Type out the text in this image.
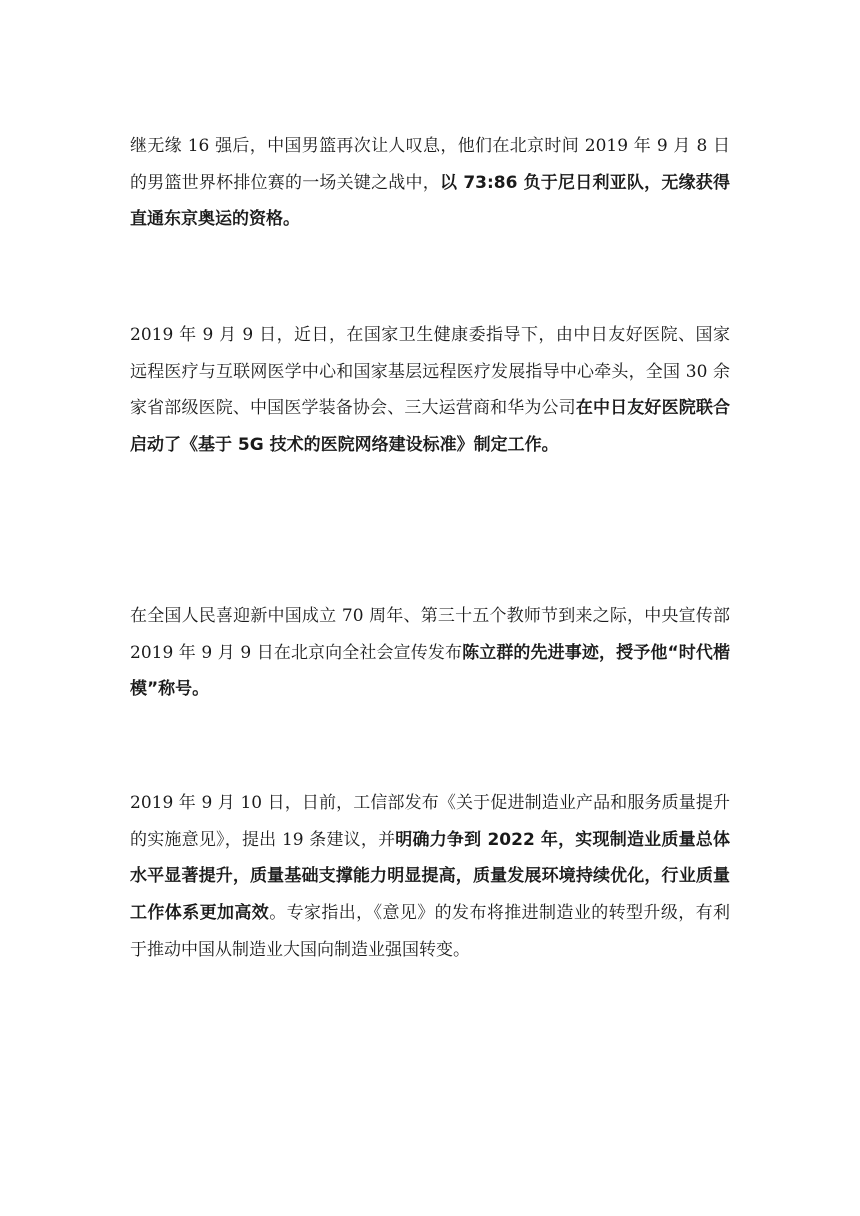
继无缘 16 强后，中国男篮再次让人叹息，他们在北京时间 2019 年 9 月 8 日的男篮世界杯排位赛的一场关键之战中，以 73:86 负于尼日利亚队，无缘获得直通东京奥运的资格。

2019 年 9 月 9 日，近日，在国家卫生健康委指导下，由中日友好医院、国家远程医疗与互联网医学中心和国家基层远程医疗发展指导中心牵头，全国 30 余家省部级医院、中国医学装备协会、三大运营商和华为公司在中日友好医院联合启动了《基于 5G 技术的医院网络建设标准》制定工作。

在全国人民喜迎新中国成立 70 周年、第三十五个教师节到来之际，中央宣传部 2019 年 9 月 9 日在北京向全社会宣传发布陈立群的先进事迹，授予他“时代楷模”称号。

2019 年 9 月 10 日，日前，工信部发布《关于促进制造业产品和服务质量提升的实施意见》，提出 19 条建议，并明确力争到 2022 年，实现制造业质量总体水平显著提升，质量基础支撑能力明显提高，质量发展环境持续优化，行业质量工作体系更加高效。专家指出，《意见》的发布将推进制造业的转型升级，有利于推动中国从制造业大国向制造业强国转变。
